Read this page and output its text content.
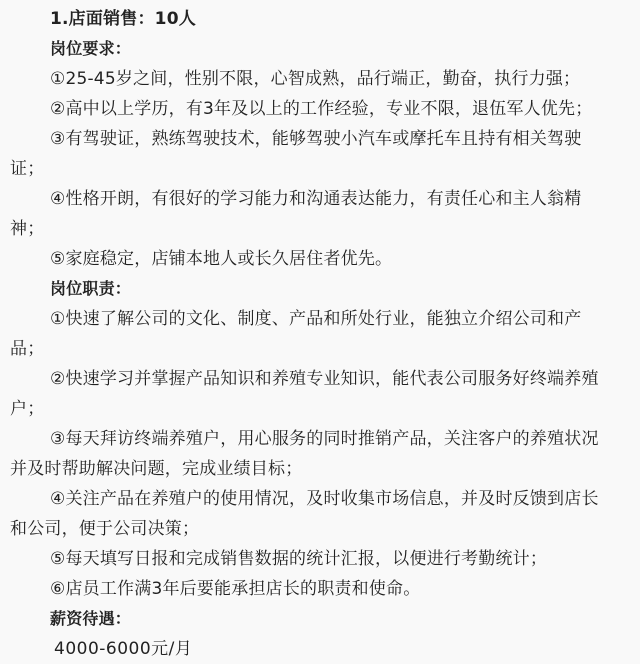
1.店面销售：10人
岗位要求：
①25-45岁之间，性别不限，心智成熟，品行端正，勤奋，执行力强；
②高中以上学历，有3年及以上的工作经验，专业不限，退伍军人优先；
③有驾驶证，熟练驾驶技术，能够驾驶小汽车或摩托车且持有相关驾驶
证；
④性格开朗，有很好的学习能力和沟通表达能力，有责任心和主人翁精
神；
⑤家庭稳定，店铺本地人或长久居住者优先。
岗位职责：
①快速了解公司的文化、制度、产品和所处行业，能独立介绍公司和产
品；
②快速学习并掌握产品知识和养殖专业知识，能代表公司服务好终端养殖
户；
③每天拜访终端养殖户，用心服务的同时推销产品，关注客户的养殖状况
并及时帮助解决问题，完成业绩目标；
④关注产品在养殖户的使用情况，及时收集市场信息，并及时反馈到店长
和公司，便于公司决策；
⑤每天填写日报和完成销售数据的统计汇报，以便进行考勤统计；
⑥店员工作满3年后要能承担店长的职责和使命。
薪资待遇：
4000-6000元/月
